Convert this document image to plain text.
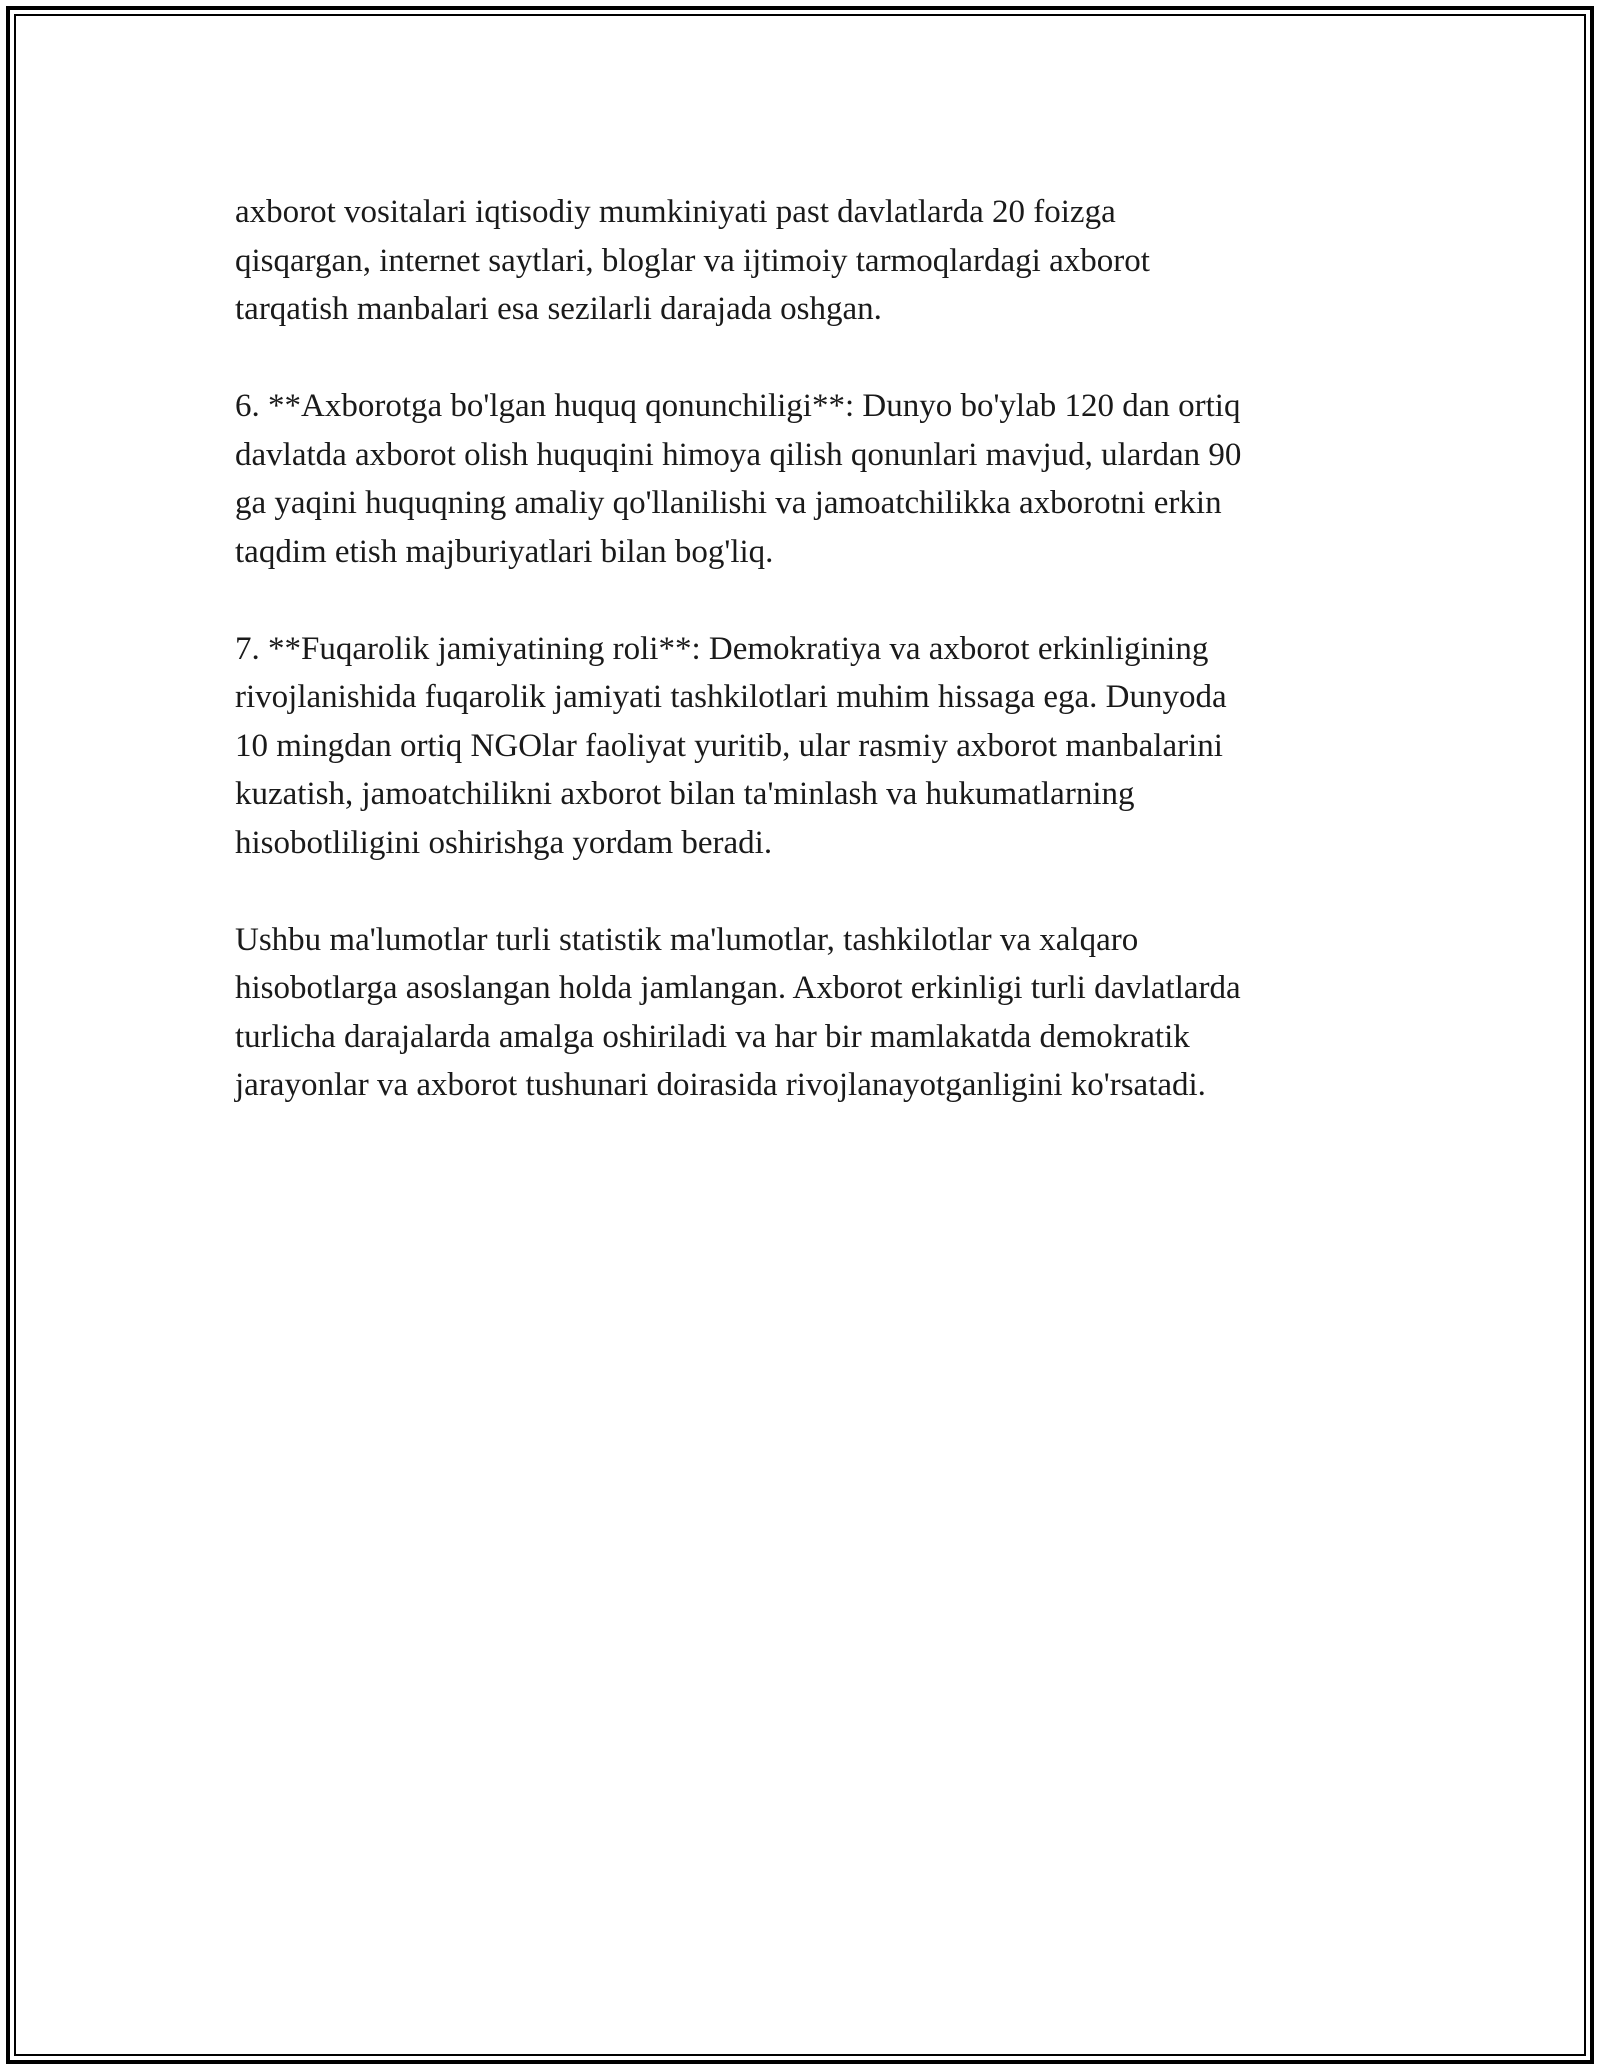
axborot vositalari iqtisodiy mumkiniyati past davlatlarda 20 foizga
qisqargan, internet saytlari, bloglar va ijtimoiy tarmoqlardagi axborot
tarqatish manbalari esa sezilarli darajada oshgan.

6. **Axborotga bo'lgan huquq qonunchiligi**: Dunyo bo'ylab 120 dan ortiq
davlatda axborot olish huquqini himoya qilish qonunlari mavjud, ulardan 90
ga yaqini huquqning amaliy qo'llanilishi va jamoatchilikka axborotni erkin
taqdim etish majburiyatlari bilan bog'liq.

7. **Fuqarolik jamiyatining roli**: Demokratiya va axborot erkinligining
rivojlanishida fuqarolik jamiyati tashkilotlari muhim hissaga ega. Dunyoda
10 mingdan ortiq NGOlar faoliyat yuritib, ular rasmiy axborot manbalarini
kuzatish, jamoatchilikni axborot bilan ta'minlash va hukumatlarning
hisobotliligini oshirishga yordam beradi.

Ushbu ma'lumotlar turli statistik ma'lumotlar, tashkilotlar va xalqaro
hisobotlarga asoslangan holda jamlangan. Axborot erkinligi turli davlatlarda
turlicha darajalarda amalga oshiriladi va har bir mamlakatda demokratik
jarayonlar va axborot tushunari doirasida rivojlanayotganligini ko'rsatadi.
